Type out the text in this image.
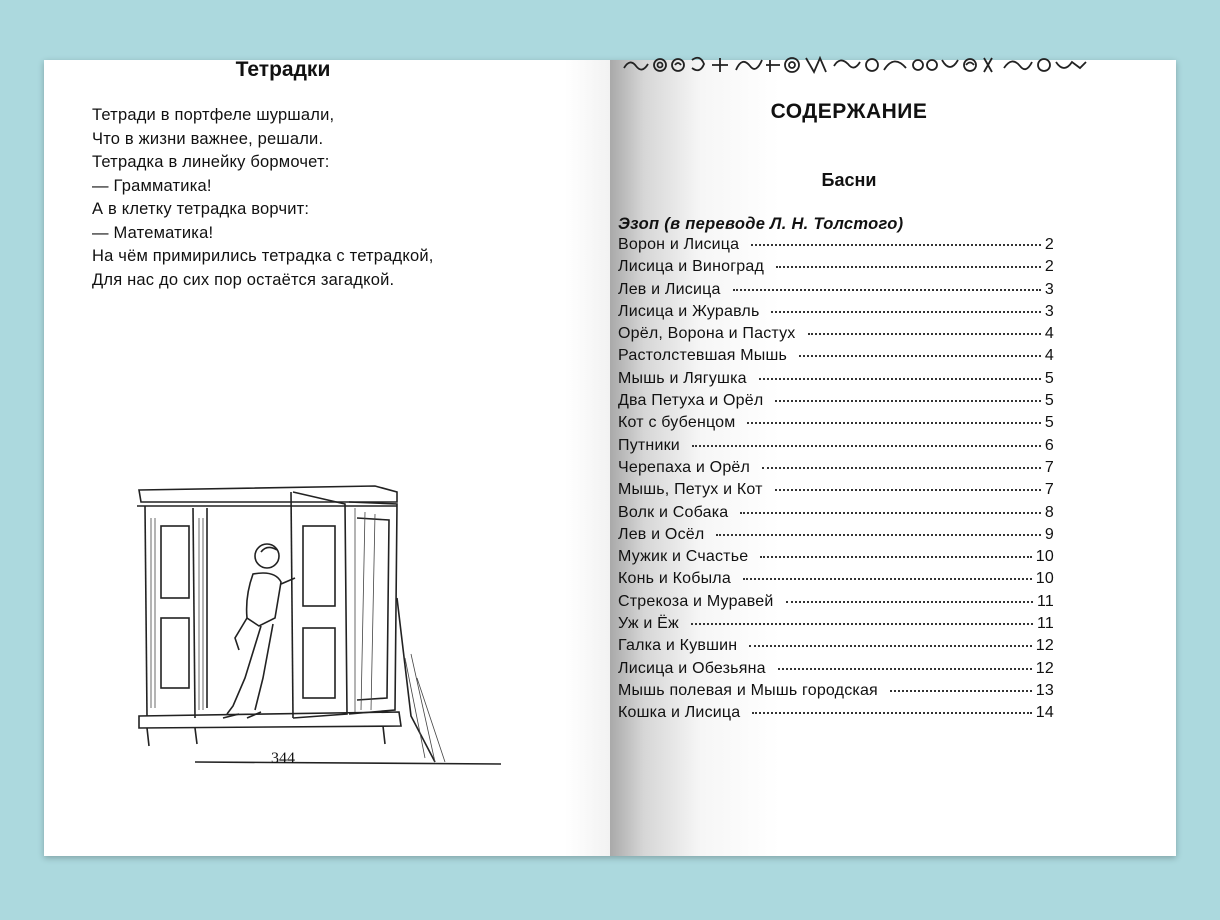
Тетрадки
Тетради в портфеле шуршали,
Что в жизни важнее, решали.
Тетрадка в линейку бормочет:
— Грамматика!
А в клетку тетрадка ворчит:
— Математика!
На чём примирились тетрадка с тетрадкой,
Для нас до сих пор остаётся загадкой.
344
СОДЕРЖАНИЕ
Басни
Эзоп (в переводе Л. Н. Толстого)
Ворон и Лисица	2
Лисица и Виноград	2
Лев и Лисица	3
Лисица и Журавль	3
Орёл, Ворона и Пастух	4
Растолстевшая Мышь	4
Мышь и Лягушка	5
Два Петуха и Орёл	5
Кот с бубенцом	5
Путники	6
Черепаха и Орёл	7
Мышь, Петух и Кот	7
Волк и Собака	8
Лев и Осёл	9
Мужик и Счастье	10
Конь и Кобыла	10
Стрекоза и Муравей	11
Уж и Ёж	11
Галка и Кувшин	12
Лисица и Обезьяна	12
Мышь полевая и Мышь городская	13
Кошка и Лисица	14
